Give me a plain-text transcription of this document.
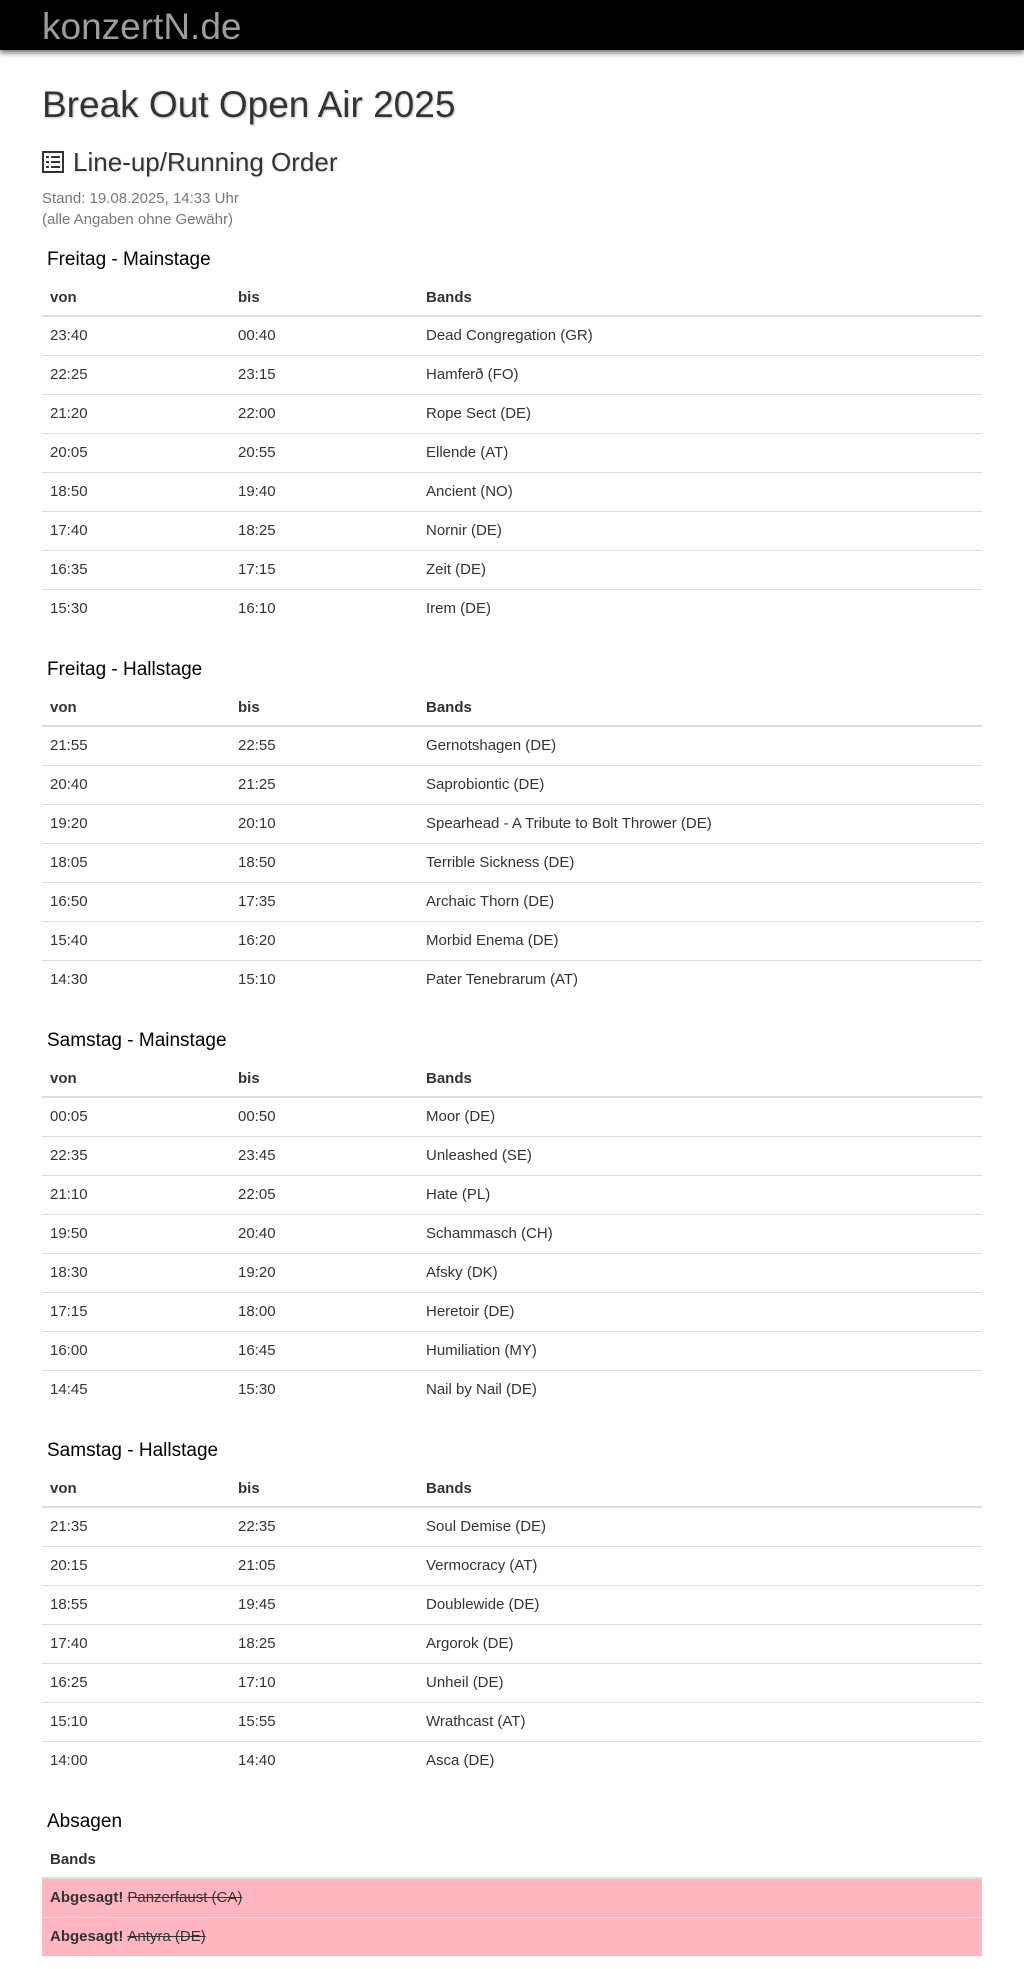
konzertN.de
Break Out Open Air 2025
Line-up/Running Order
Stand: 19.08.2025, 14:33 Uhr
(alle Angaben ohne Gewähr)
Freitag - Mainstage
von	bis	Bands
23:40	00:40	Dead Congregation (GR)
22:25	23:15	Hamferð (FO)
21:20	22:00	Rope Sect (DE)
20:05	20:55	Ellende (AT)
18:50	19:40	Ancient (NO)
17:40	18:25	Nornir (DE)
16:35	17:15	Zeit (DE)
15:30	16:10	Irem (DE)
Freitag - Hallstage
von	bis	Bands
21:55	22:55	Gernotshagen (DE)
20:40	21:25	Saprobiontic (DE)
19:20	20:10	Spearhead - A Tribute to Bolt Thrower (DE)
18:05	18:50	Terrible Sickness (DE)
16:50	17:35	Archaic Thorn (DE)
15:40	16:20	Morbid Enema (DE)
14:30	15:10	Pater Tenebrarum (AT)
Samstag - Mainstage
von	bis	Bands
00:05	00:50	Moor (DE)
22:35	23:45	Unleashed (SE)
21:10	22:05	Hate (PL)
19:50	20:40	Schammasch (CH)
18:30	19:20	Afsky (DK)
17:15	18:00	Heretoir (DE)
16:00	16:45	Humiliation (MY)
14:45	15:30	Nail by Nail (DE)
Samstag - Hallstage
von	bis	Bands
21:35	22:35	Soul Demise (DE)
20:15	21:05	Vermocracy (AT)
18:55	19:45	Doublewide (DE)
17:40	18:25	Argorok (DE)
16:25	17:10	Unheil (DE)
15:10	15:55	Wrathcast (AT)
14:00	14:40	Asca (DE)
Absagen
Bands
Abgesagt! Panzerfaust (CA)
Abgesagt! Antyra (DE)
